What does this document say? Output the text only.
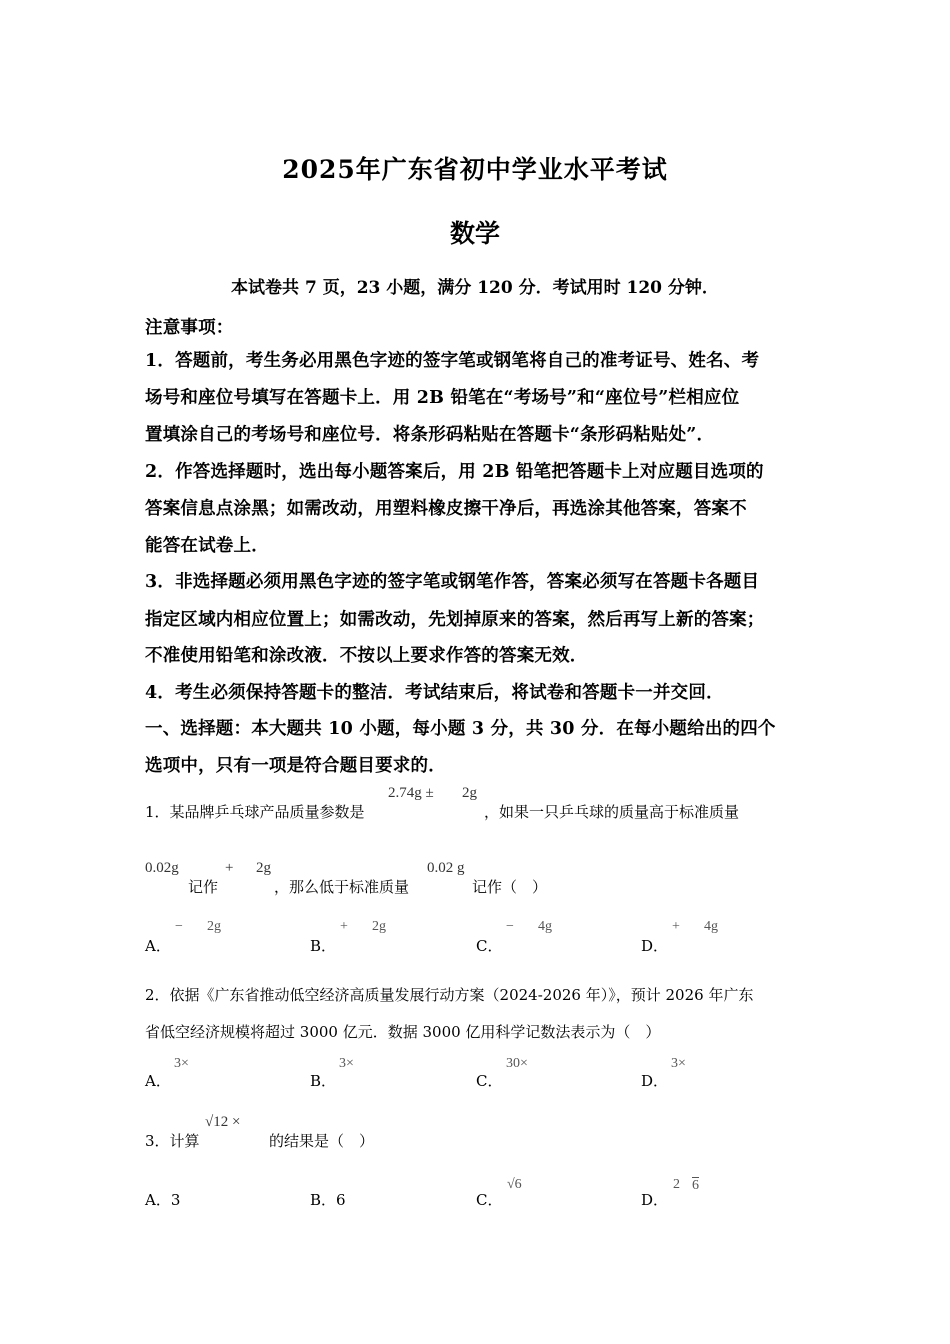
2025年广东省初中学业水平考试
数学
本试卷共 7 页，23 小题，满分 120 分．考试用时 120 分钟．
注意事项：
1．答题前，考生务必用黑色字迹的签字笔或钢笔将自己的准考证号、姓名、考
场号和座位号填写在答题卡上．用 2B 铅笔在“考场号”和“座位号”栏相应位
置填涂自己的考场号和座位号．将条形码粘贴在答题卡“条形码粘贴处”．
2．作答选择题时，选出每小题答案后，用 2B 铅笔把答题卡上对应题目选项的
答案信息点涂黑；如需改动，用塑料橡皮擦干净后，再选涂其他答案，答案不
能答在试卷上．
3．非选择题必须用黑色字迹的签字笔或钢笔作答，答案必须写在答题卡各题目
指定区域内相应位置上；如需改动，先划掉原来的答案，然后再写上新的答案；
不准使用铅笔和涂改液．不按以上要求作答的答案无效．
4．考生必须保持答题卡的整洁．考试结束后，将试卷和答题卡一并交回．
一、选择题：本大题共 10 小题，每小题 3 分，共 30 分．在每小题给出的四个
选项中，只有一项是符合题目要求的．
1．某品牌乒乓球产品质量参数是
2.74g ± 2g
，如果一只乒乓球的质量高于标准质量
0.02g
记作
+ 2g
，那么低于标准质量
0.02 g
记作（　）
A．
− 2g
B．
+ 2g
C．
− 4g
D．
+ 4g
2．依据《广东省推动低空经济高质量发展行动方案（2024-2026 年）》，预计 2026 年广东
省低空经济规模将超过 3000 亿元．数据 3000 亿用科学记数法表示为（　）
A．
3×
B．
3×
C．
30×
D．
3×
3．计算
√12 ×
的结果是（　）
A．3	B．6	C．
√6
D．
2 6
